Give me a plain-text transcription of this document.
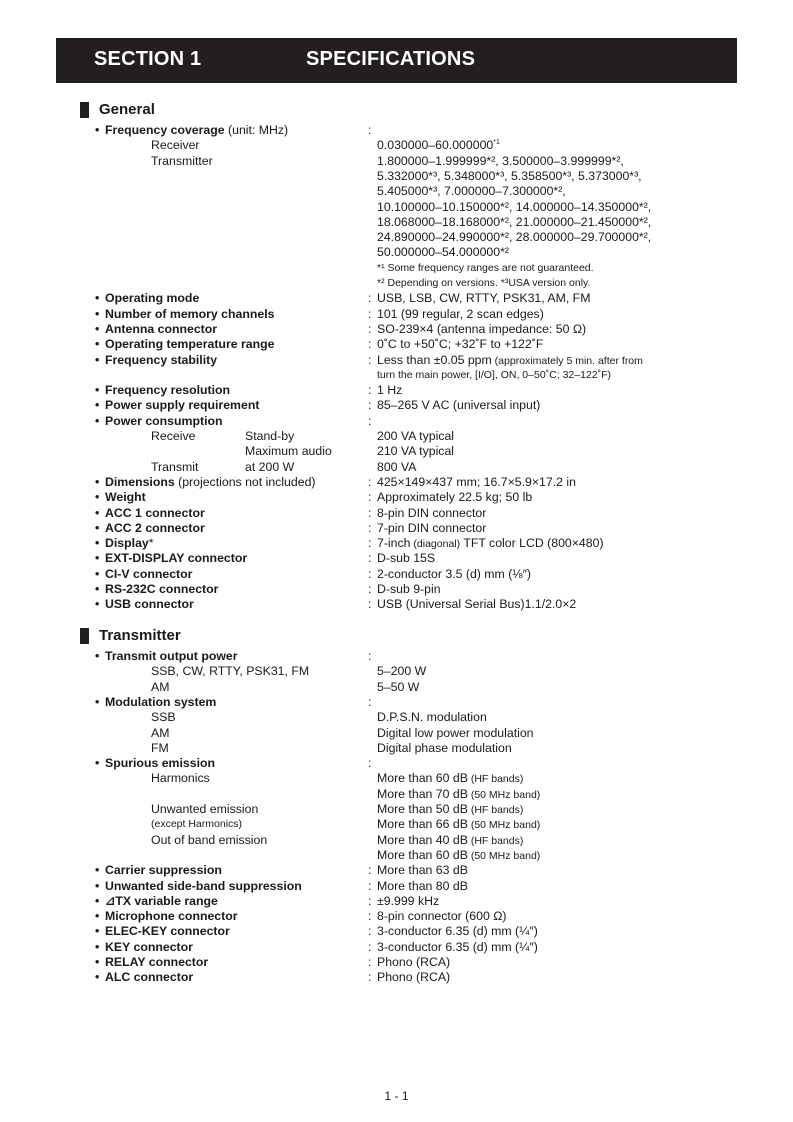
SECTION 1	SPECIFICATIONS
General
• Frequency coverage (unit: MHz)	:
Receiver	0.030000–60.000000$^{*1}$
Transmitter	1.800000–1.999999*², 3.500000–3.999999*²,
5.332000*³, 5.348000*³, 5.358500*³, 5.373000*³,
5.405000*³, 7.000000–7.300000*²,
10.100000–10.150000*², 14.000000–14.350000*²,
18.068000–18.168000*², 21.000000–21.450000*²,
24.890000–24.990000*², 28.000000–29.700000*²,
50.000000–54.000000*²
*¹ Some frequency ranges are not guaranteed.
*² Depending on versions. *³USA version only.
• Operating mode	: USB, LSB, CW, RTTY, PSK31, AM, FM
• Number of memory channels	: 101 (99 regular, 2 scan edges)
• Antenna connector	: SO-239×4 (antenna impedance: 50 Ω)
• Operating temperature range	: 0˚C to +50˚C; +32˚F to +122˚F
• Frequency stability	: Less than ±0.05 ppm (approximately 5 min. after from
turn the main power, [I/O], ON, 0–50˚C; 32–122˚F)
• Frequency resolution	: 1 Hz
• Power supply requirement	: 85–265 V AC (universal input)
• Power consumption	:
Receive	Stand-by	200 VA typical
Maximum audio	210 VA typical
Transmit	at 200 W	800 VA
• Dimensions (projections not included)	: 425×149×437 mm; 16.7×5.9×17.2 in
• Weight	: Approximately 22.5 kg; 50 lb
• ACC 1 connector	: 8-pin DIN connector
• ACC 2 connector	: 7-pin DIN connector
• Display*	: 7-inch (diagonal) TFT color LCD (800×480)
• EXT-DISPLAY connector	: D-sub 15S
• CI-V connector	: 2-conductor 3.5 (d) mm (⅛″)
• RS-232C connector	: D-sub 9-pin
• USB connector	: USB (Universal Serial Bus)1.1/2.0×2
Transmitter
• Transmit output power	:
SSB, CW, RTTY, PSK31, FM	5–200 W
AM	5–50 W
• Modulation system	:
SSB	D.P.S.N. modulation
AM	Digital low power modulation
FM	Digital phase modulation
• Spurious emission	:
Harmonics	More than 60 dB (HF bands)
More than 70 dB (50 MHz band)
Unwanted emission	More than 50 dB (HF bands)
(except Harmonics)	More than 66 dB (50 MHz band)
Out of band emission	More than 40 dB (HF bands)
More than 60 dB (50 MHz band)
• Carrier suppression	: More than 63 dB
• Unwanted side-band suppression	: More than 80 dB
• ⊿TX variable range	: ±9.999 kHz
• Microphone connector	: 8-pin connector (600 Ω)
• ELEC-KEY connector	: 3-conductor 6.35 (d) mm (¼″)
• KEY connector	: 3-conductor 6.35 (d) mm (¼″)
• RELAY connector	: Phono (RCA)
• ALC connector	: Phono (RCA)
1 - 1
